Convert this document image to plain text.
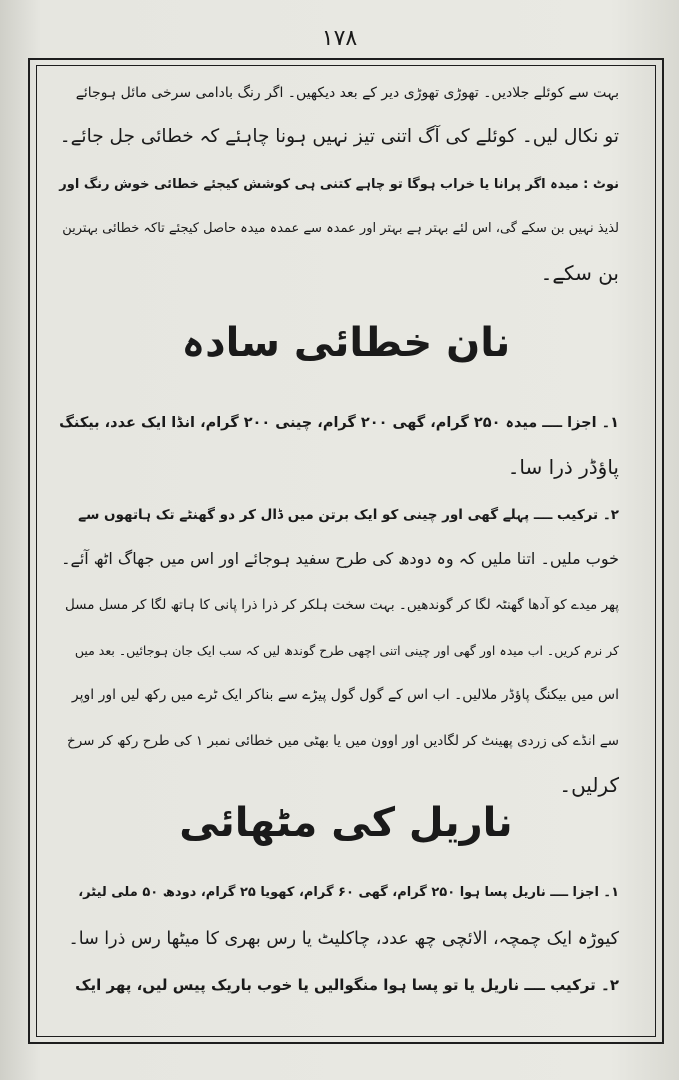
۱۷۸
بہت سے کوئلے جلادیں۔ تھوڑی تھوڑی دیر کے بعد دیکھیں۔ اگر رنگ بادامی سرخی مائل ہوجائے
تو نکال لیں۔ کوئلے کی آگ اتنی تیز نہیں ہونا چاہئے کہ خطائی جل جائے۔
نوٹ : میدہ اگر پرانا یا خراب ہوگا تو چاہے کتنی ہی کوشش کیجئے خطائی خوش رنگ اور
لذیذ نہیں بن سکے گی، اس لئے بہتر ہے بہتر اور عمدہ سے عمدہ میدہ حاصل کیجئے تاکہ خطائی بہترین
بن سکے۔
نان خطائی سادہ
۱۔ اجزا ــــ میدہ ۲۵۰ گرام، گھی ۲۰۰ گرام، چینی ۲۰۰ گرام، انڈا ایک عدد، بیکنگ
پاؤڈر ذرا سا۔
۲۔ ترکیب ــــ پہلے گھی اور چینی کو ایک برتن میں ڈال کر دو گھنٹے تک ہاتھوں سے
خوب ملیں۔ اتنا ملیں کہ وہ دودھ کی طرح سفید ہوجائے اور اس میں جھاگ اٹھ آئے۔
پھر میدے کو آدھا گھنٹہ لگا کر گوندھیں۔ بہت سخت ہلکر کر ذرا ذرا پانی کا ہاتھ لگا کر مسل مسل
کر نرم کریں۔ اب میدہ اور گھی اور چینی اتنی اچھی طرح گوندھ لیں کہ سب ایک جان ہوجائیں۔ بعد میں
اس میں بیکنگ پاؤڈر ملالیں۔ اب اس کے گول گول پیڑے سے بناکر ایک ٹرے میں رکھ لیں اور اوپر
سے انڈے کی زردی پھینٹ کر لگادیں اور اوون میں یا بھٹی میں خطائی نمبر ۱ کی طرح رکھ کر سرخ
کرلیں۔
ناریل کی مٹھائی
۱۔ اجزا ــــ ناریل پسا ہوا ۲۵۰ گرام، گھی ۶۰ گرام، کھویا ۲۵ گرام، دودھ ۵۰ ملی لیٹر،
کیوڑہ ایک چمچہ، الائچی چھ عدد، چاکلیٹ یا رس بھری کا میٹھا رس ذرا سا۔
۲۔ ترکیب ــــ ناریل یا تو پسا ہوا منگوالیں یا خوب باریک پیس لیں، پھر ایک
